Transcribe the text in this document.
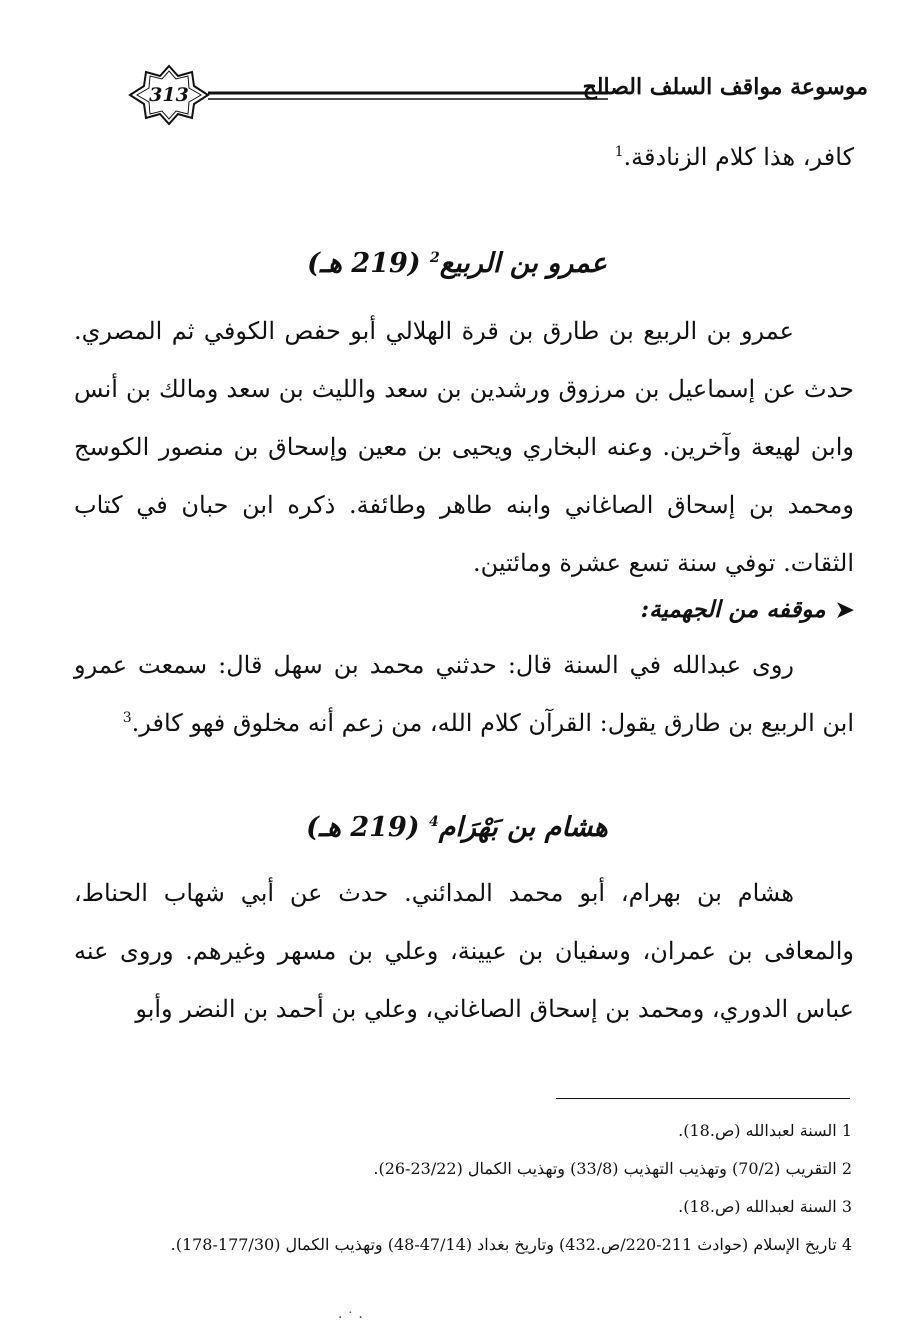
313	موسوعة مواقف السلف الصالح

كافر، هذا كلام الزنادقة.$^1$

عمرو بن الربيع$^2$ (219 هـ)

عمرو بن الربيع بن طارق بن قرة الهلالي أبو حفص الكوفي ثم المصري. حدث عن إسماعيل بن مرزوق ورشدين بن سعد والليث بن سعد ومالك بن أنس وابن لهيعة وآخرين. وعنه البخاري ويحيى بن معين وإسحاق بن منصور الكوسج ومحمد بن إسحاق الصاغاني وابنه طاهر وطائفة. ذكره ابن حبان في كتاب الثقات. توفي سنة تسع عشرة ومائتين.

➤موقفه من الجهمية:

روى عبدالله في السنة قال: حدثني محمد بن سهل قال: سمعت عمرو ابن الربيع بن طارق يقول: القرآن كلام الله، من زعم أنه مخلوق فهو كافر.$^3$

هشام بن بَهْرَام$^4$ (219 هـ)

هشام بن بهرام، أبو محمد المدائني. حدث عن أبي شهاب الحناط، والمعافى بن عمران، وسفيان بن عيينة، وعلي بن مسهر وغيرهم. وروى عنه عباس الدوري، ومحمد بن إسحاق الصاغاني، وعلي بن أحمد بن النضر وأبو

1 السنة لعبدالله (ص.18).

2 التقريب (70/2) وتهذيب التهذيب (33/8) وتهذيب الكمال (23/22-26).

3 السنة لعبدالله (ص.18).

4 تاريخ الإسلام (حوادث 211-220/ص.432) وتاريخ بغداد (47/14-48) وتهذيب الكمال (177/30-178).

· ˙ ·
